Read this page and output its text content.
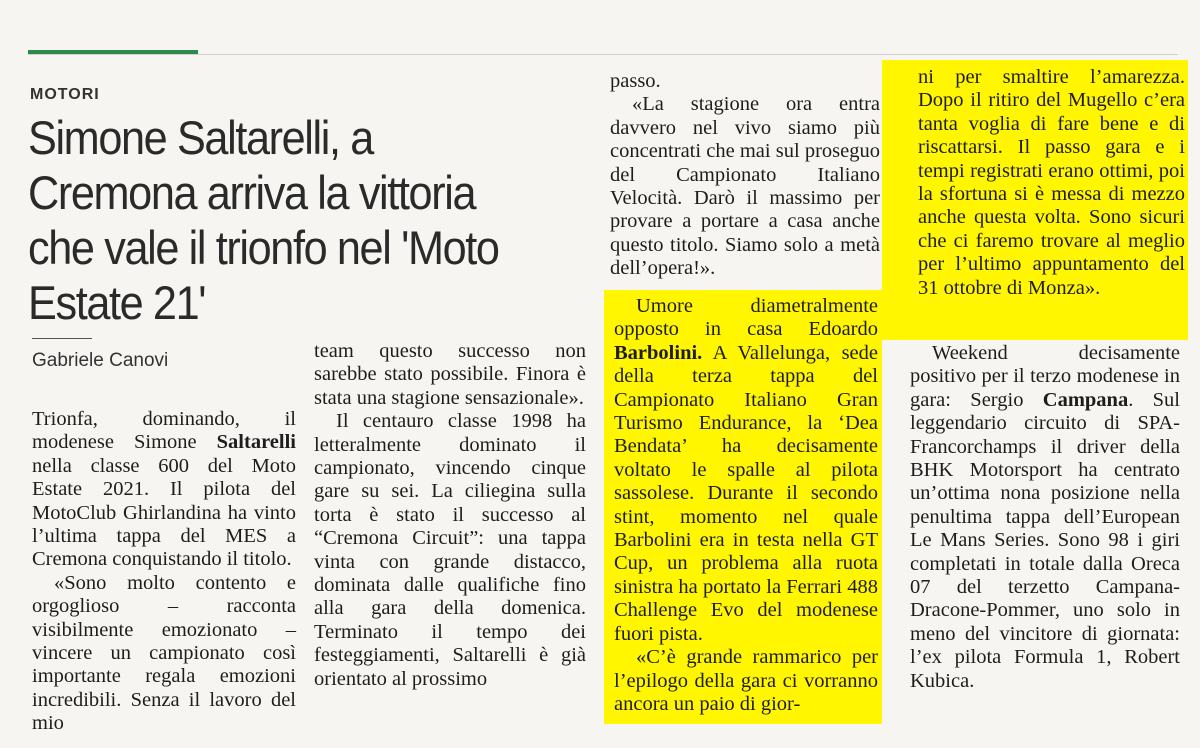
MOTORI
Simone Saltarelli, a Cremona arriva la vittoria che vale il trionfo nel 'Moto Estate 21'
Gabriele Canovi

Trionfa, dominando, il modenese Simone Saltarelli nella classe 600 del Moto Estate 2021. Il pilota del MotoClub Ghirlandina ha vinto l’ultima tappa del MES a Cremona conquistando il titolo.

«Sono molto contento e orgoglioso – racconta visibilmente emozionato – vincere un campionato così importante regala emozioni incredibili. Senza il lavoro del mio

team questo successo non sarebbe stato possibile. Finora è stata una stagione sensazionale».

Il centauro classe 1998 ha letteralmente dominato il campionato, vincendo cinque gare su sei. La ciliegina sulla torta è stato il successo al “Cremona Circuit”: una tappa vinta con grande distacco, dominata dalle qualifiche fino alla gara della domenica. Terminato il tempo dei festeggiamenti, Saltarelli è già orientato al prossimo

passo.

«La stagione ora entra davvero nel vivo siamo più concentrati che mai sul proseguo del Campionato Italiano Velocità. Darò il massimo per provare a portare a casa anche questo titolo. Siamo solo a metà dell’opera!».

Umore diametralmente opposto in casa Edoardo Barbolini. A Vallelunga, sede della terza tappa del Campionato Italiano Gran Turismo Endurance, la ‘Dea Bendata’ ha decisamente voltato le spalle al pilota sassolese. Durante il secondo stint, momento nel quale Barbolini era in testa nella GT Cup, un problema alla ruota sinistra ha portato la Ferrari 488 Challenge Evo del modenese fuori pista.

«C’è grande rammarico per l’epilogo della gara ci vorranno ancora un paio di gior-

ni per smaltire l’amarezza. Dopo il ritiro del Mugello c’era tanta voglia di fare bene e di riscattarsi. Il passo gara e i tempi registrati erano ottimi, poi la sfortuna si è messa di mezzo anche questa volta. Sono sicuri che ci faremo trovare al meglio per l’ultimo appuntamento del 31 ottobre di Monza».

Weekend decisamente positivo per il terzo modenese in gara: Sergio Campana. Sul leggendario circuito di SPA-Francorchamps il driver della BHK Motorsport ha centrato un’ottima nona posizione nella penultima tappa dell’European Le Mans Series. Sono 98 i giri completati in totale dalla Oreca 07 del terzetto Campana-Dracone-Pommer, uno solo in meno del vincitore di giornata: l’ex pilota Formula 1, Robert Kubica.
